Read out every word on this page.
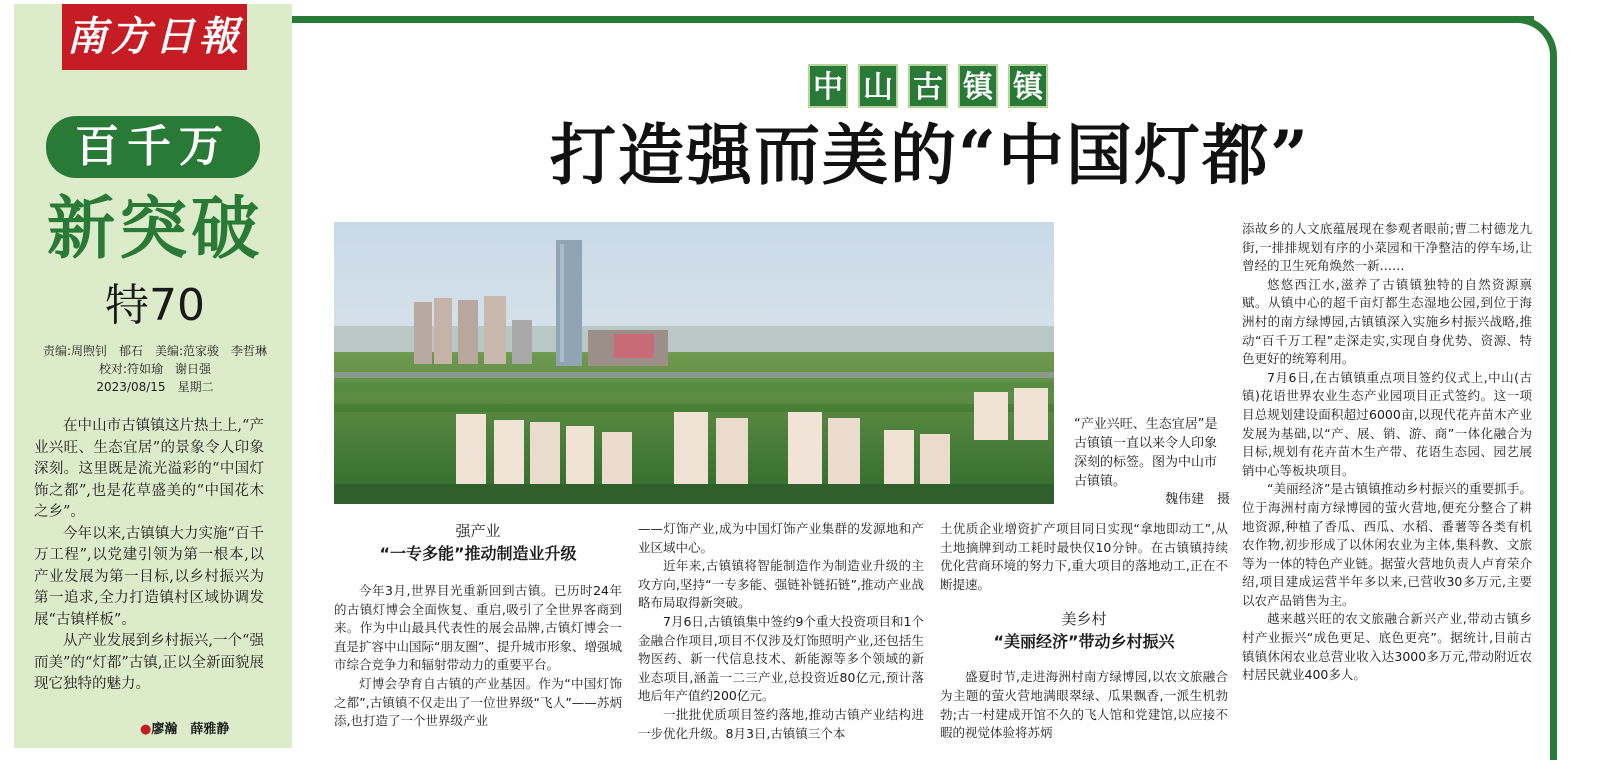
南方日報
百千万
新突破
特70
责编:周煦钊　郁石　美编:范家骏　李哲琳
校对:符如瑜　谢日强
2023/08/15　星期二

在中山市古镇镇这片热土上,“产业兴旺、生态宜居”的景象令人印象深刻。这里既是流光溢彩的“中国灯饰之都”,也是花草盛美的“中国花木之乡”。

今年以来,古镇镇大力实施“百千万工程”,以党建引领为第一根本,以产业发展为第一目标,以乡村振兴为第一追求,全力打造镇村区域协调发展“古镇样板”。

从产业发展到乡村振兴,一个“强而美”的“灯都”古镇,正以全新面貌展现它独特的魅力。

●廖瀚　薛雅静
中 山 古 镇 镇
打造强而美的“中国灯都”
“产业兴旺、生态宜居”是古镇镇一直以来令人印象深刻的标签。图为中山市古镇镇。
魏伟建　摄
强产业
“一专多能”推动制造业升级

今年3月,世界目光重新回到古镇。已历时24年的古镇灯博会全面恢复、重启,吸引了全世界客商到来。作为中山最具代表性的展会品牌,古镇灯博会一直是扩容中山国际“朋友圈”、提升城市形象、增强城市综合竞争力和辐射带动力的重要平台。

灯博会孕育自古镇的产业基因。作为“中国灯饰之都”,古镇镇不仅走出了一位世界级“飞人”——苏炳添,也打造了一个世界级产业

——灯饰产业,成为中国灯饰产业集群的发源地和产业区域中心。

近年来,古镇镇将智能制造作为制造业升级的主攻方向,坚持“一专多能、强链补链拓链”,推动产业战略布局取得新突破。

7月6日,古镇镇集中签约9个重大投资项目和1个金融合作项目,项目不仅涉及灯饰照明产业,还包括生物医药、新一代信息技术、新能源等多个领域的新业态项目,涵盖一二三产业,总投资近80亿元,预计落地后年产值约200亿元。

一批批优质项目签约落地,推动古镇产业结构进一步优化升级。8月3日,古镇镇三个本

土优质企业增资扩产项目同日实现“拿地即动工”,从土地摘牌到动工耗时最快仅10分钟。在古镇镇持续优化营商环境的努力下,重大项目的落地动工,正在不断提速。

美乡村
“美丽经济”带动乡村振兴

盛夏时节,走进海洲村南方绿博园,以农文旅融合为主题的萤火营地满眼翠绿、瓜果飘香,一派生机勃勃;古一村建成开馆不久的飞人馆和党建馆,以应接不暇的视觉体验将苏炳

添故乡的人文底蕴展现在参观者眼前;曹二村德龙九街,一排排规划有序的小菜园和干净整洁的停车场,让曾经的卫生死角焕然一新……

悠悠西江水,滋养了古镇镇独特的自然资源禀赋。从镇中心的超千亩灯都生态湿地公园,到位于海洲村的南方绿博园,古镇镇深入实施乡村振兴战略,推动“百千万工程”走深走实,实现自身优势、资源、特色更好的统筹利用。

7月6日,在古镇镇重点项目签约仪式上,中山(古镇)花语世界农业生态产业园项目正式签约。这一项目总规划建设面积超过6000亩,以现代花卉苗木产业发展为基础,以“产、展、销、游、商”一体化融合为目标,规划有花卉苗木生产带、花语生态园、园艺展销中心等板块项目。

“美丽经济”是古镇镇推动乡村振兴的重要抓手。位于海洲村南方绿博园的萤火营地,便充分整合了耕地资源,种植了香瓜、西瓜、水稻、番薯等各类有机农作物,初步形成了以休闲农业为主体,集科教、文旅等为一体的特色产业链。据萤火营地负责人卢育荣介绍,项目建成运营半年多以来,已营收30多万元,主要以农产品销售为主。

越来越兴旺的农文旅融合新兴产业,带动古镇乡村产业振兴“成色更足、底色更亮”。据统计,目前古镇镇休闲农业总营业收入达3000多万元,带动附近农村居民就业400多人。
